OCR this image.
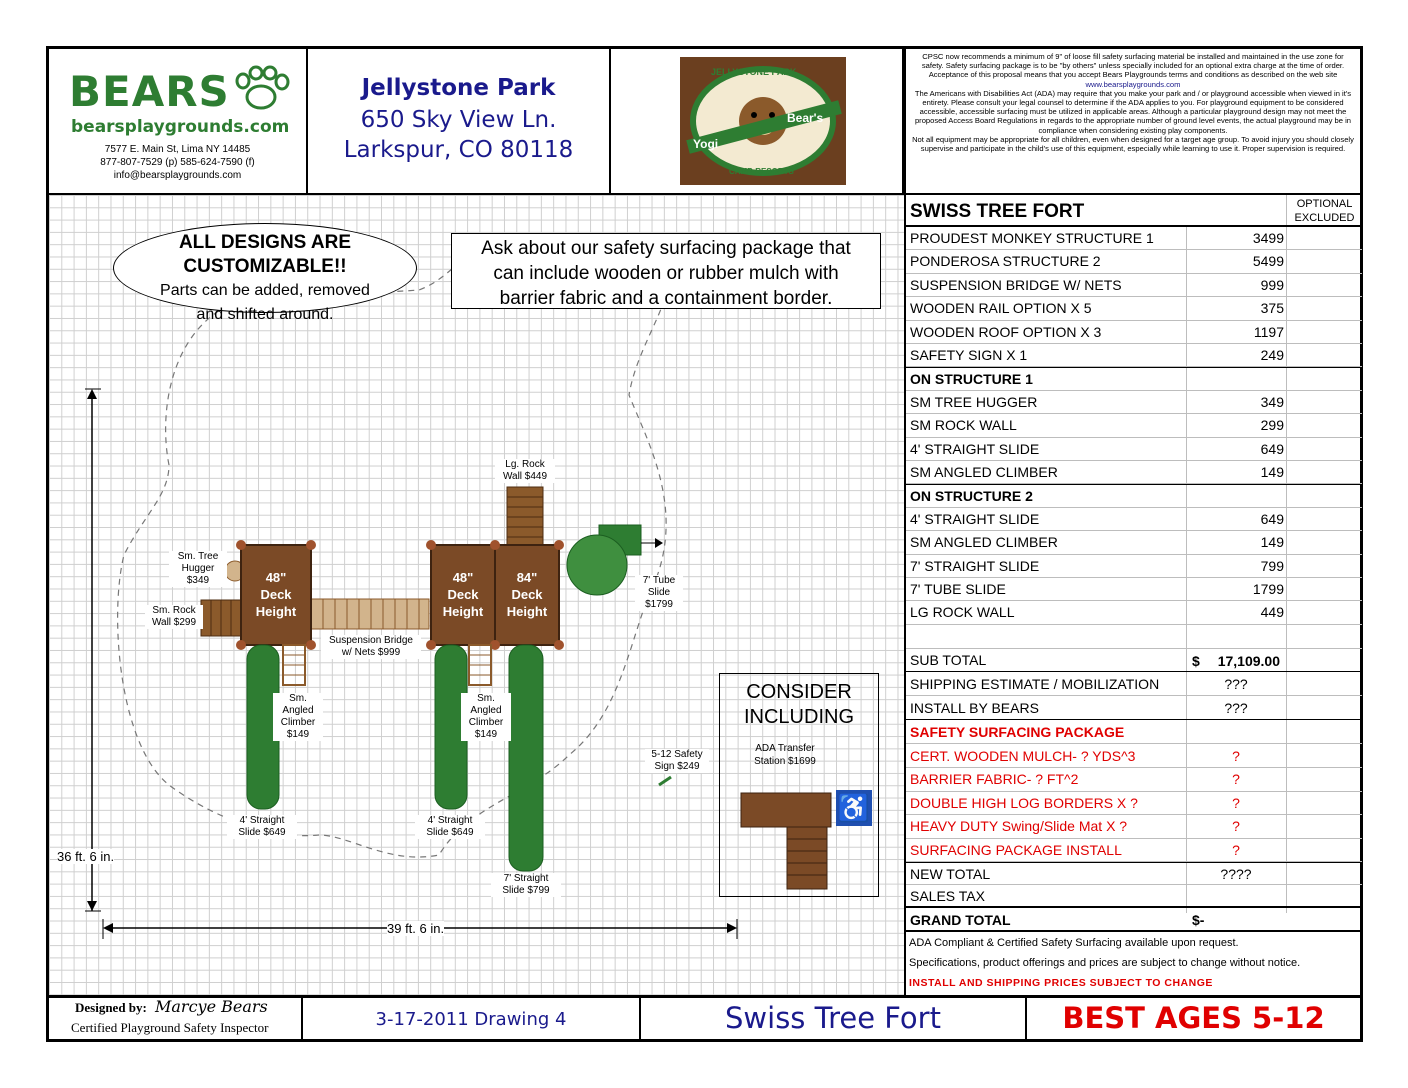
BEARS
bearsplaygrounds.com
7577 E. Main St, Lima NY 14485
877-807-7529 (p) 585-624-7590 (f)
info@bearsplaygrounds.com
Jellystone Park
650 Sky View Ln.
Larkspur, CO 80118
JELLYSTONE PARK
Yogi
Bear's
CAMP-RESORTS
CPSC now recommends a minimum of 9" of loose fill safety surfacing material be installed and maintained in the use zone for safety. Safety surfacing package is to be "by others" unless specially included for an optional extra charge at the time of order. Acceptance of this proposal means that you accept Bears Playgrounds terms and conditions as described on the web site www.bearsplaygrounds.com
The Americans with Disabilities Act (ADA) may require that you make your park and / or playground accessible when viewed in it's entirety. Please consult your legal counsel to determine if the ADA applies to you. For playground equipment to be considered accessible, accessible surfacing must be utilized in applicable areas. Although a particular playground design may not meet the proposed Access Board Regulations in regards to the appropriate number of ground level events, the actual playground may be in compliance when considering existing play components.
Not all equipment may be appropriate for all children, even when designed for a target age group. To avoid injury you should closely supervise and participate in the child's use of this equipment, especially while learning to use it. Proper supervision is required.
36 ft. 6 in.
39 ft. 6 in.
ALL DESIGNS ARE
CUSTOMIZABLE!!
Parts can be added, removed
and shifted around.
Ask about our safety surfacing package that
can include wooden or rubber mulch with
barrier fabric and a containment border.
CONSIDER
INCLUDING
ADA Transfer
Station $1699
♿
48"
Deck
Height
48"
Deck
Height
84"
Deck
Height
Sm. Tree
Hugger
$349
Sm. Rock
Wall $299
Suspension Bridge
w/ Nets $999
Sm.
Angled
Climber
$149
Sm.
Angled
Climber
$149
4' Straight
Slide $649
4' Straight
Slide $649
7' Straight
Slide $799
Lg. Rock
Wall $449
7' Tube
Slide
$1799
5-12 Safety
Sign $249
SWISS TREE FORT	OPTIONAL
EXCLUDED
PROUDEST MONKEY STRUCTURE 1	3499
PONDEROSA STRUCTURE 2	5499
SUSPENSION BRIDGE W/ NETS	999
WOODEN RAIL OPTION X 5	375
WOODEN ROOF OPTION X 3	1197
SAFETY SIGN X 1	249
ON STRUCTURE 1
SM TREE HUGGER	349
SM ROCK WALL	299
4' STRAIGHT SLIDE	649
SM ANGLED CLIMBER	149
ON STRUCTURE 2
4' STRAIGHT SLIDE	649
SM ANGLED CLIMBER	149
7' STRAIGHT SLIDE	799
7' TUBE SLIDE	1799
LG ROCK WALL	449
SUB TOTAL	$ 17,109.00
SHIPPING ESTIMATE / MOBILIZATION	???
INSTALL BY BEARS	???
SAFETY SURFACING PACKAGE
CERT. WOODEN MULCH- ? YDS^3	?
BARRIER FABRIC- ? FT^2	?
DOUBLE HIGH LOG BORDERS X ?	?
HEAVY DUTY Swing/Slide Mat X ?	?
SURFACING PACKAGE INSTALL	?
NEW TOTAL	????
SALES TAX
GRAND TOTAL	$-
ADA Compliant & Certified Safety Surfacing available upon request.
Specifications, product offerings and prices are subject to change without notice.
INSTALL AND SHIPPING PRICES SUBJECT TO CHANGE
Designed by: Marcye Bears
Certified Playground Safety Inspector	3-17-2011 Drawing 4	Swiss Tree Fort	BEST AGES 5-12
